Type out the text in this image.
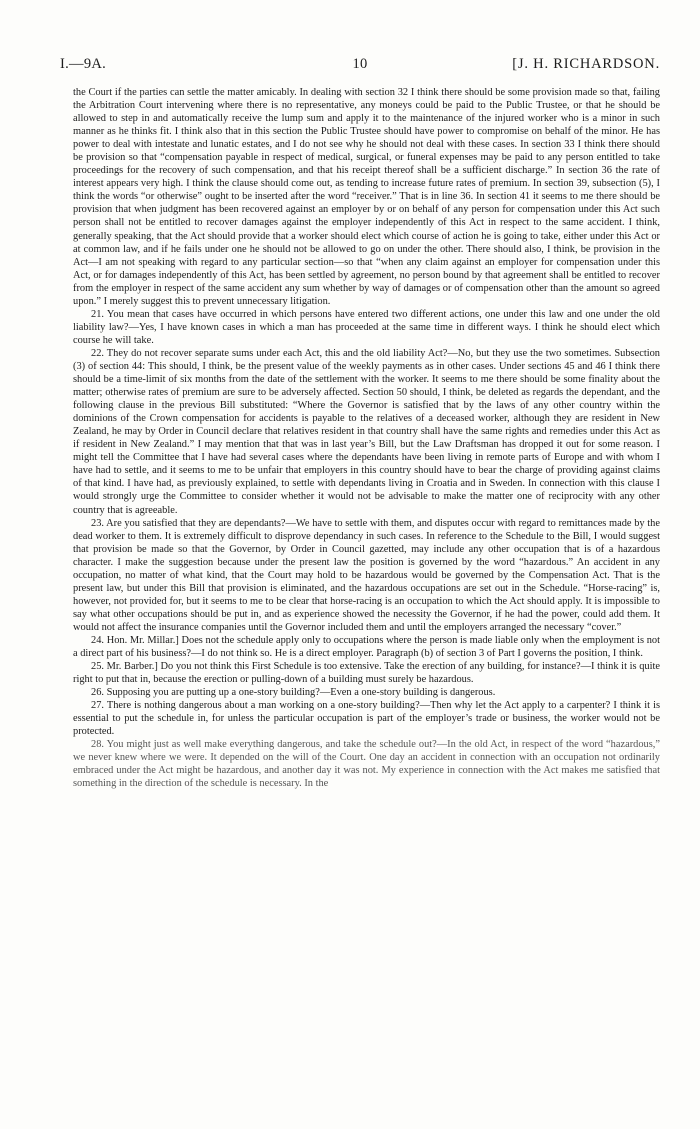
I.—9A.	10	[J. H. RICHARDSON.

the Court if the parties can settle the matter amicably. In dealing with section 32 I think there should be some provision made so that, failing the Arbitration Court intervening where there is no representative, any moneys could be paid to the Public Trustee, or that he should be allowed to step in and automatically receive the lump sum and apply it to the maintenance of the injured worker who is a minor in such manner as he thinks fit. I think also that in this section the Public Trustee should have power to compromise on behalf of the minor. He has power to deal with intestate and lunatic estates, and I do not see why he should not deal with these cases. In section 33 I think there should be provision so that “compensation payable in respect of medical, surgical, or funeral expenses may be paid to any person entitled to take proceedings for the recovery of such compensation, and that his receipt thereof shall be a sufficient discharge.” In section 36 the rate of interest appears very high. I think the clause should come out, as tending to increase future rates of premium. In section 39, subsection (5), I think the words “or otherwise” ought to be inserted after the word “receiver.” That is in line 36. In section 41 it seems to me there should be provision that when judgment has been recovered against an employer by or on behalf of any person for compensation under this Act such person shall not be entitled to recover damages against the employer independently of this Act in respect to the same accident. I think, generally speaking, that the Act should provide that a worker should elect which course of action he is going to take, either under this Act or at common law, and if he fails under one he should not be allowed to go on under the other. There should also, I think, be provision in the Act—I am not speaking with regard to any particular section—so that “when any claim against an employer for compensation under this Act, or for damages independently of this Act, has been settled by agreement, no person bound by that agreement shall be entitled to recover from the employer in respect of the same accident any sum whether by way of damages or of compensation other than the amount so agreed upon.” I merely suggest this to prevent unnecessary litigation.

21. You mean that cases have occurred in which persons have entered two different actions, one under this law and one under the old liability law?—Yes, I have known cases in which a man has proceeded at the same time in different ways. I think he should elect which course he will take.

22. They do not recover separate sums under each Act, this and the old liability Act?—No, but they use the two sometimes. Subsection (3) of section 44: This should, I think, be the present value of the weekly payments as in other cases. Under sections 45 and 46 I think there should be a time-limit of six months from the date of the settlement with the worker. It seems to me there should be some finality about the matter; otherwise rates of premium are sure to be adversely affected. Section 50 should, I think, be deleted as regards the dependant, and the following clause in the previous Bill substituted: “Where the Governor is satisfied that by the laws of any other country within the dominions of the Crown compensation for accidents is payable to the relatives of a deceased worker, although they are resident in New Zealand, he may by Order in Council declare that relatives resident in that country shall have the same rights and remedies under this Act as if resident in New Zealand.” I may mention that that was in last year’s Bill, but the Law Draftsman has dropped it out for some reason. I might tell the Committee that I have had several cases where the dependants have been living in remote parts of Europe and with whom I have had to settle, and it seems to me to be unfair that employers in this country should have to bear the charge of providing against claims of that kind. I have had, as previously explained, to settle with dependants living in Croatia and in Sweden. In connection with this clause I would strongly urge the Committee to consider whether it would not be advisable to make the matter one of reciprocity with any other country that is agreeable.

23. Are you satisfied that they are dependants?—We have to settle with them, and disputes occur with regard to remittances made by the dead worker to them. It is extremely difficult to disprove dependancy in such cases. In reference to the Schedule to the Bill, I would suggest that provision be made so that the Governor, by Order in Council gazetted, may include any other occupation that is of a hazardous character. I make the suggestion because under the present law the position is governed by the word “hazardous.” An accident in any occupation, no matter of what kind, that the Court may hold to be hazardous would be governed by the Compensation Act. That is the present law, but under this Bill that provision is eliminated, and the hazardous occupations are set out in the Schedule. “Horse-racing” is, however, not provided for, but it seems to me to be clear that horse-racing is an occupation to which the Act should apply. It is impossible to say what other occupations should be put in, and as experience showed the necessity the Governor, if he had the power, could add them. It would not affect the insurance companies until the Governor included them and until the employers arranged the necessary “cover.”

24. Hon. Mr. Millar.] Does not the schedule apply only to occupations where the person is made liable only when the employment is not a direct part of his business?—I do not think so. He is a direct employer. Paragraph (b) of section 3 of Part I governs the position, I think.

25. Mr. Barber.] Do you not think this First Schedule is too extensive. Take the erection of any building, for instance?—I think it is quite right to put that in, because the erection or pulling-down of a building must surely be hazardous.

26. Supposing you are putting up a one-story building?—Even a one-story building is dangerous.

27. There is nothing dangerous about a man working on a one-story building?—Then why let the Act apply to a carpenter? I think it is essential to put the schedule in, for unless the particular occupation is part of the employer’s trade or business, the worker would not be protected.

28. You might just as well make everything dangerous, and take the schedule out?—In the old Act, in respect of the word “hazardous,” we never knew where we were. It depended on the will of the Court. One day an accident in connection with an occupation not ordinarily embraced under the Act might be hazardous, and another day it was not. My experience in connection with the Act makes me satisfied that something in the direction of the schedule is necessary. In the
